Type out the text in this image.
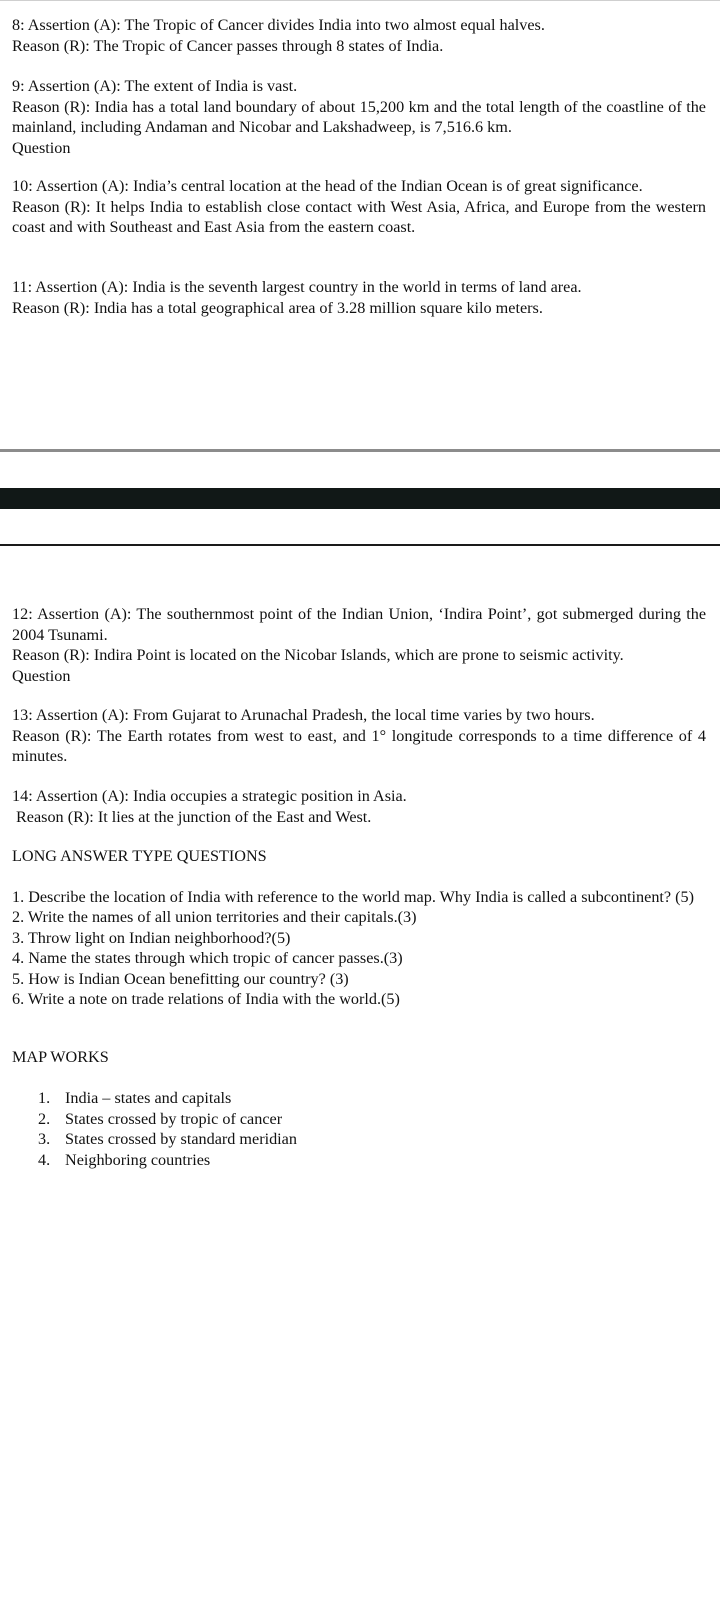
8: Assertion (A): The Tropic of Cancer divides India into two almost equal halves.

Reason (R): The Tropic of Cancer passes through 8 states of India.

9: Assertion (A): The extent of India is vast.

Reason (R): India has a total land boundary of about 15,200 km and the total length of the coastline of the mainland, including Andaman and Nicobar and Lakshadweep, is 7,516.6 km.

Question

10: Assertion (A): India’s central location at the head of the Indian Ocean is of great significance.

Reason (R): It helps India to establish close contact with West Asia, Africa, and Europe from the western coast and with Southeast and East Asia from the eastern coast.

11: Assertion (A): India is the seventh largest country in the world in terms of land area.

Reason (R): India has a total geographical area of 3.28 million square kilo meters.

12: Assertion (A): The southernmost point of the Indian Union, ‘Indira Point’, got submerged during the 2004 Tsunami.

Reason (R): Indira Point is located on the Nicobar Islands, which are prone to seismic activity.

Question

13: Assertion (A): From Gujarat to Arunachal Pradesh, the local time varies by two hours.

Reason (R): The Earth rotates from west to east, and 1° longitude corresponds to a time difference of 4 minutes.

14: Assertion (A): India occupies a strategic position in Asia.

Reason (R): It lies at the junction of the East and West.

LONG ANSWER TYPE QUESTIONS

1. Describe the location of India with reference to the world map. Why India is called a subcontinent? (5)

2. Write the names of all union territories and their capitals.(3)

3. Throw light on Indian neighborhood?(5)

4. Name the states through which tropic of cancer passes.(3)

5. How is Indian Ocean benefitting our country? (3)

6. Write a note on trade relations of India with the world.(5)

MAP WORKS

1. India – states and capitals
2. States crossed by tropic of cancer
3. States crossed by standard meridian
4. Neighboring countries
